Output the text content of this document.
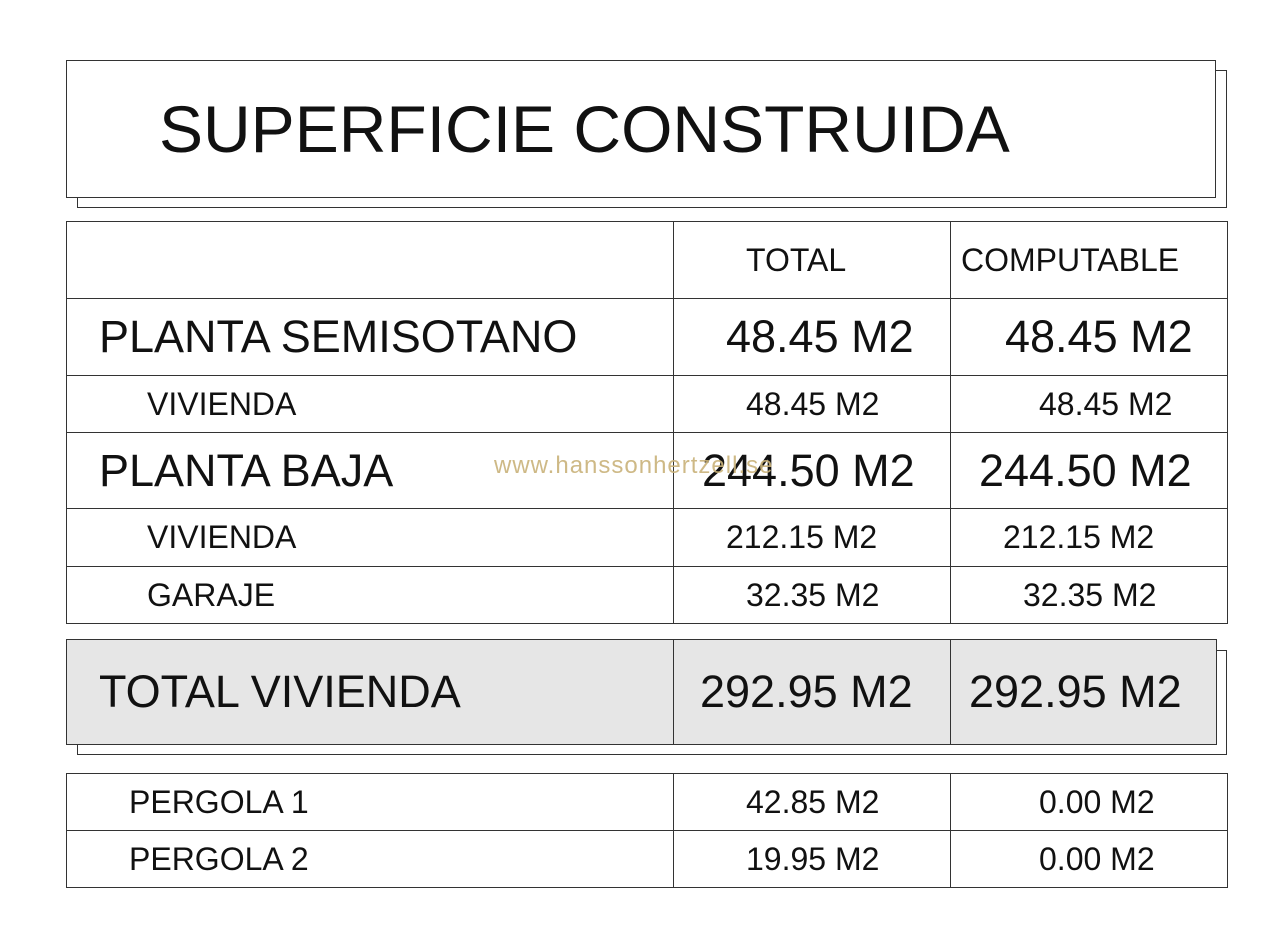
SUPERFICIE CONSTRUIDA
	TOTAL	COMPUTABLE
PLANTA SEMISOTANO	48.45 M2	48.45 M2
VIVIENDA	48.45 M2	48.45 M2
PLANTA BAJA	244.50 M2	244.50 M2
VIVIENDA	212.15 M2	212.15 M2
GARAJE	32.35 M2	32.35 M2
TOTAL VIVIENDA	292.95 M2	292.95 M2
PERGOLA 1	42.85 M2	0.00 M2
PERGOLA 2	19.95 M2	0.00 M2
www.hanssonhertzell.se
